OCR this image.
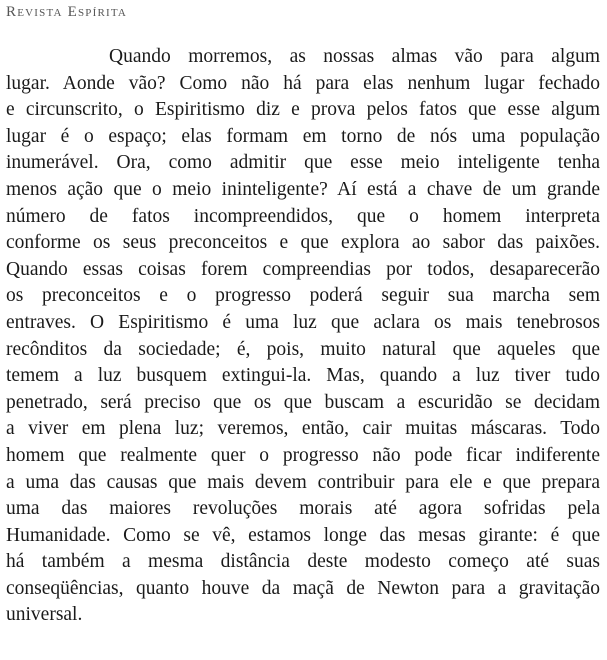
Revista Espírita
Quando morremos, as nossas almas vão para algum
lugar. Aonde vão? Como não há para elas nenhum lugar fechado
e circunscrito, o Espiritismo diz e prova pelos fatos que esse algum
lugar é o espaço; elas formam em torno de nós uma população
inumerável. Ora, como admitir que esse meio inteligente tenha
menos ação que o meio ininteligente? Aí está a chave de um grande
número de fatos incompreendidos, que o homem interpreta
conforme os seus preconceitos e que explora ao sabor das paixões.
Quando essas coisas forem compreendias por todos, desaparecerão
os preconceitos e o progresso poderá seguir sua marcha sem
entraves. O Espiritismo é uma luz que aclara os mais tenebrosos
recônditos da sociedade; é, pois, muito natural que aqueles que
temem a luz busquem extingui-la. Mas, quando a luz tiver tudo
penetrado, será preciso que os que buscam a escuridão se decidam
a viver em plena luz; veremos, então, cair muitas máscaras. Todo
homem que realmente quer o progresso não pode ficar indiferente
a uma das causas que mais devem contribuir para ele e que prepara
uma das maiores revoluções morais até agora sofridas pela
Humanidade. Como se vê, estamos longe das mesas girante: é que
há também a mesma distância deste modesto começo até suas
conseqüências, quanto houve da maçã de Newton para a gravitação
universal.
